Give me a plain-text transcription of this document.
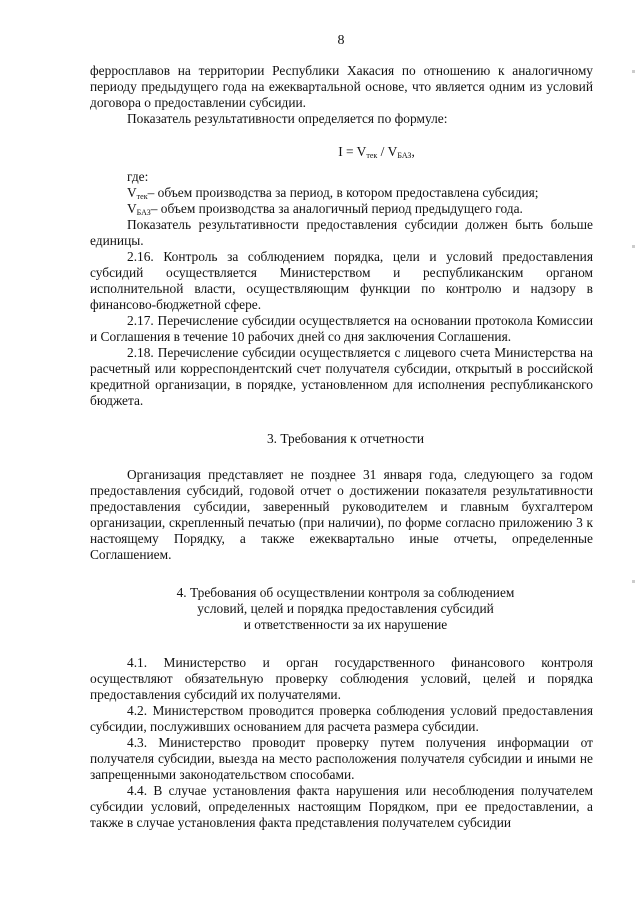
8

ферросплавов на территории Республики Хакасия по отношению к аналогичному периоду предыдущего года на ежеквартальной основе, что является одним из условий договора о предоставлении субсидии.

Показатель результативности определяется по формуле:

$I = V_{тек} / V_{БАЗ}$,

где:

$V_{тек}-$ объем производства за период, в котором предоставлена субсидия;

$V_{БАЗ}-$ объем производства за аналогичный период предыдущего года.

Показатель результативности предоставления субсидии должен быть больше единицы.

2.16. Контроль за соблюдением порядка, цели и условий предоставления субсидий осуществляется Министерством и республиканским органом исполнительной власти, осуществляющим функции по контролю и надзору в финансово-бюджетной сфере.

2.17. Перечисление субсидии осуществляется на основании протокола Комиссии и Соглашения в течение 10 рабочих дней со дня заключения Соглашения.

2.18. Перечисление субсидии осуществляется с лицевого счета Министерства на расчетный или корреспондентский счет получателя субсидии, открытый в российской кредитной организации, в порядке, установленном для исполнения республиканского бюджета.

3. Требования к отчетности

Организация представляет не позднее 31 января года, следующего за годом предоставления субсидий, годовой отчет о достижении показателя результативности предоставления субсидии, заверенный руководителем и главным бухгалтером организации, скрепленный печатью (при наличии), по форме согласно приложению 3 к настоящему Порядку, а также ежеквартально иные отчеты, определенные Соглашением.

4. Требования об осуществлении контроля за соблюдением
условий, целей и порядка предоставления субсидий
и ответственности за их нарушение

4.1. Министерство и орган государственного финансового контроля осуществляют обязательную проверку соблюдения условий, целей и порядка предоставления субсидий их получателями.

4.2. Министерством проводится проверка соблюдения условий предоставления субсидии, послуживших основанием для расчета размера субсидии.

4.3. Министерство проводит проверку путем получения информации от получателя субсидии, выезда на место расположения получателя субсидии и иными не запрещенными законодательством способами.

4.4. В случае установления факта нарушения или несоблюдения получателем субсидии условий, определенных настоящим Порядком, при ее предоставлении, а также в случае установления факта представления получателем субсидии
